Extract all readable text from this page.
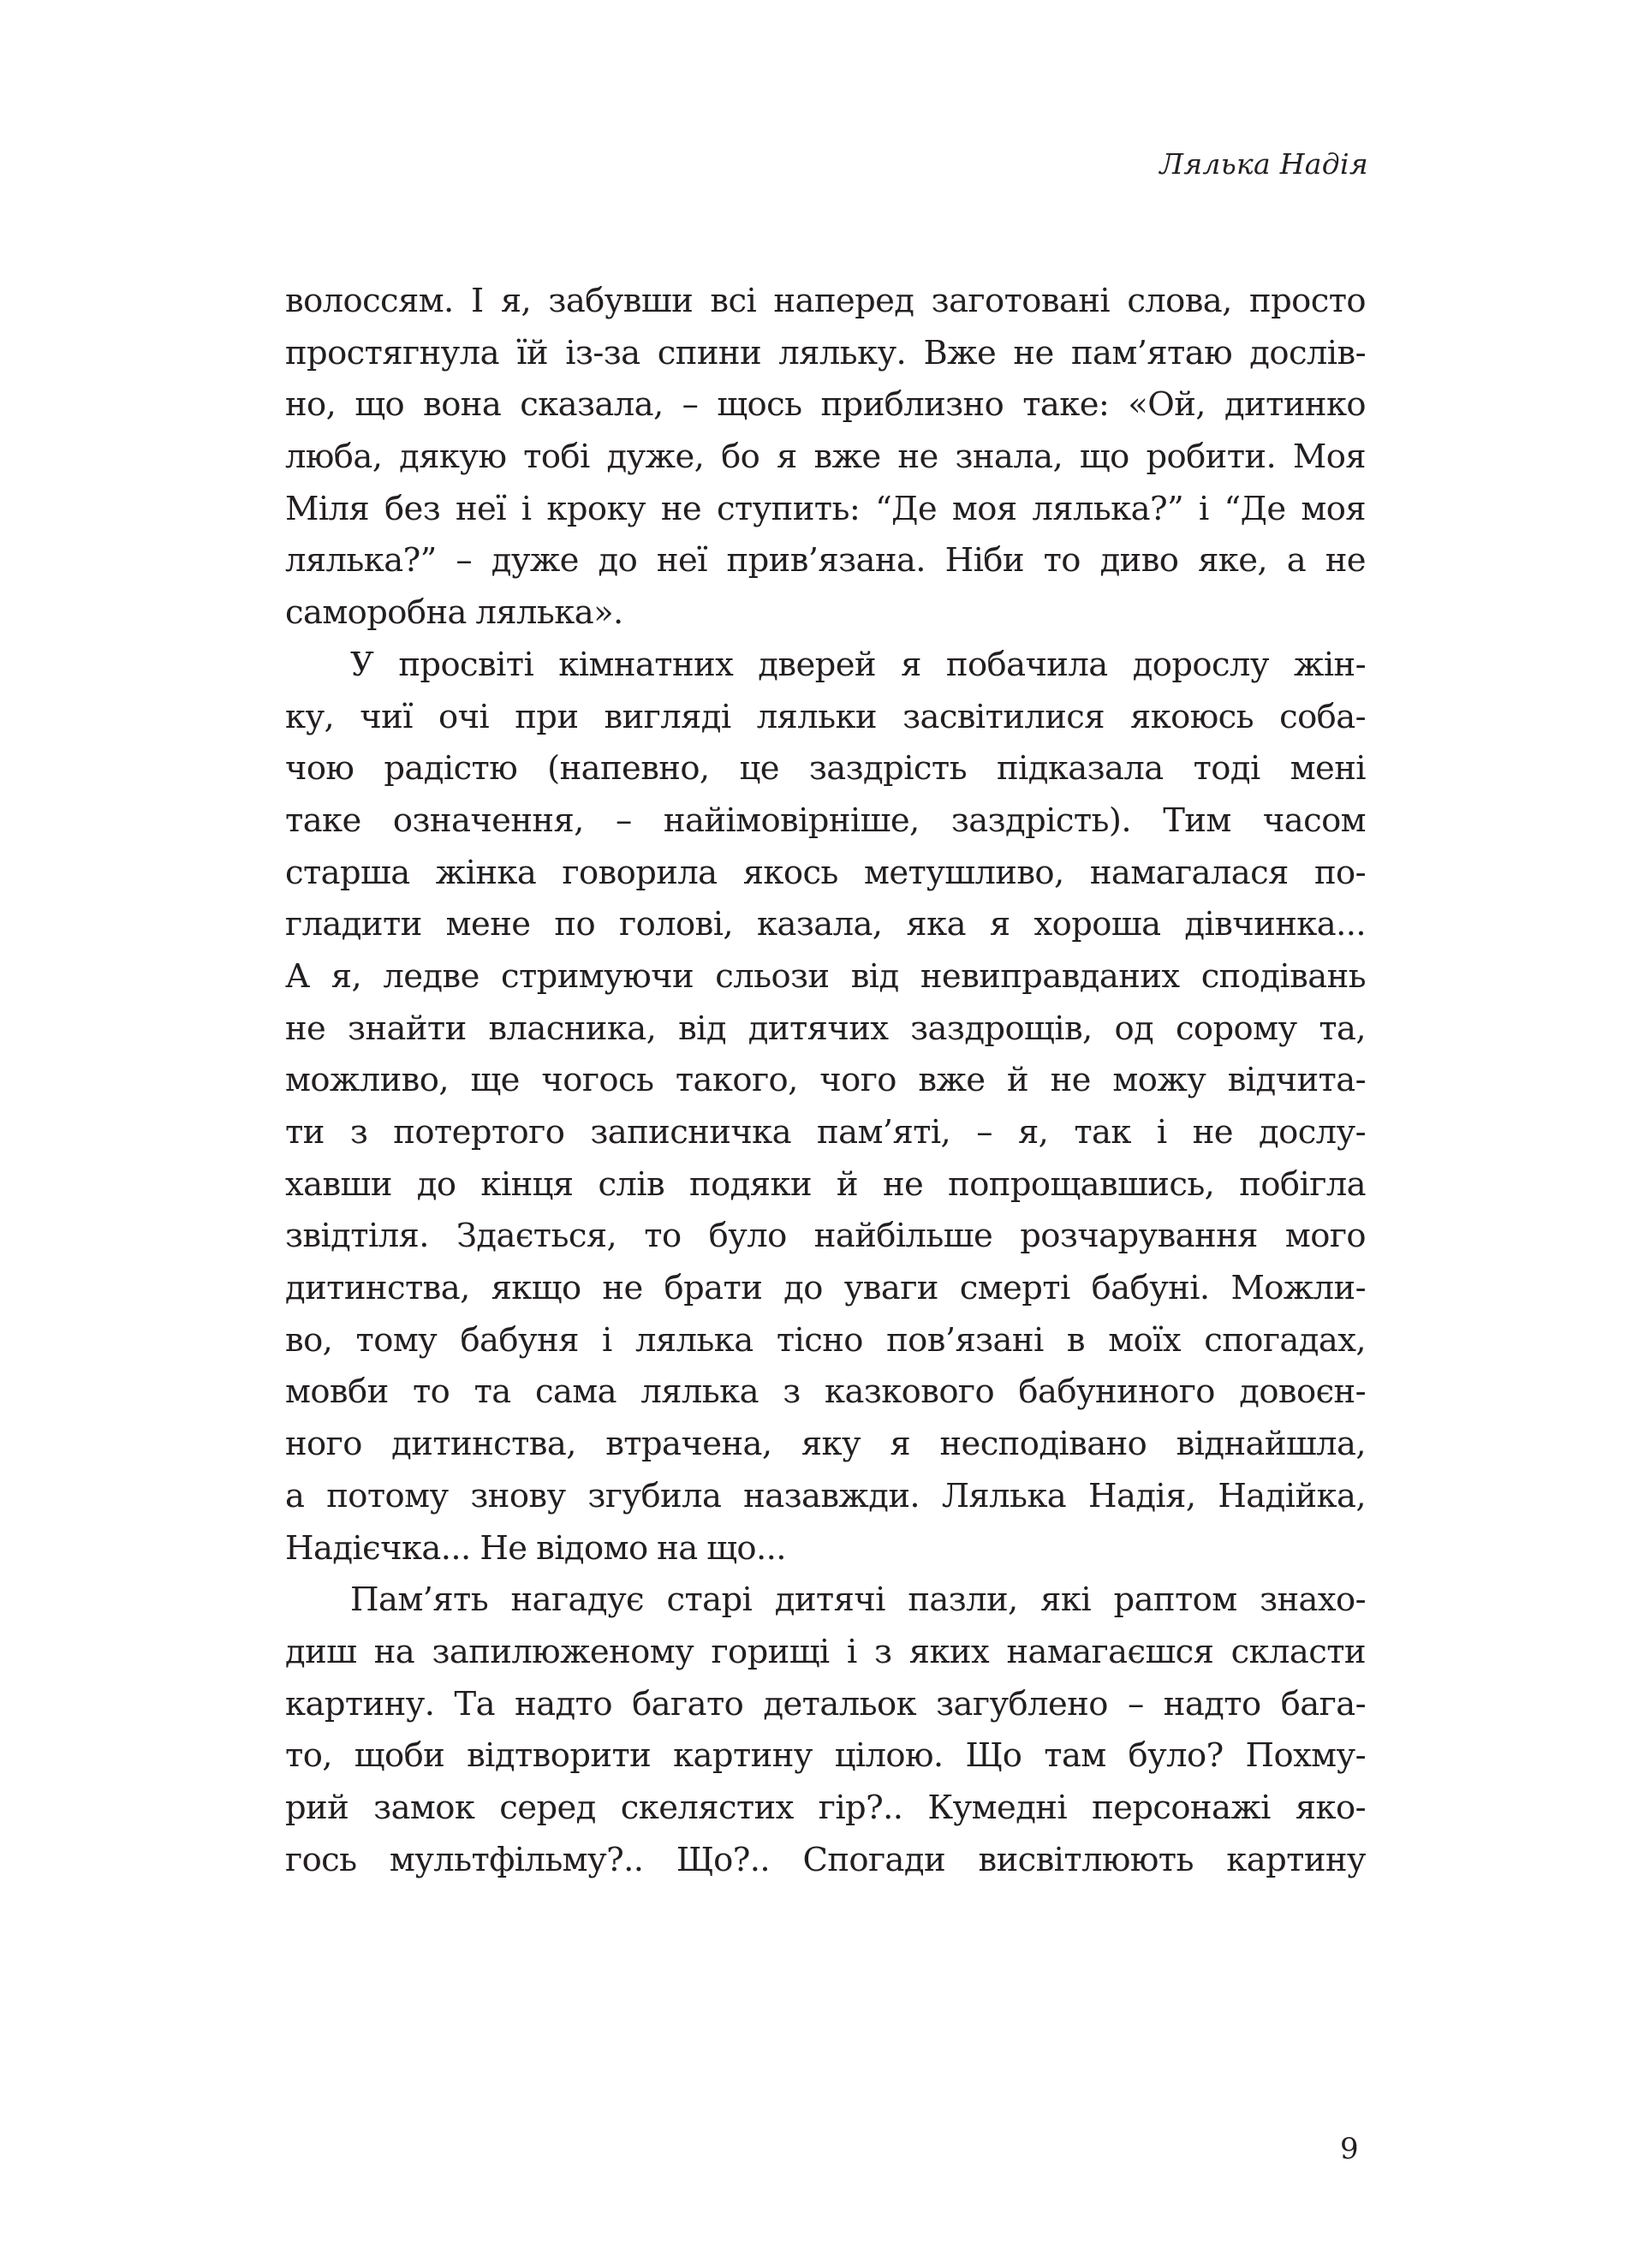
Лялька Надія
волоссям. І я, забувши всі наперед заготовані слова, просто
простягнула їй із-за спини ляльку. Вже не пам’ятаю дослів-
но, що вона сказала, – щось приблизно таке: «Ой, дитинко
люба, дякую тобі дуже, бо я вже не знала, що робити. Моя
Міля без неї і кроку не ступить: “Де моя лялька?” і “Де моя
лялька?” – дуже до неї прив’язана. Ніби то диво яке, а не
саморобна лялька».
У просвіті кімнатних дверей я побачила дорослу жін-
ку, чиї очі при вигляді ляльки засвітилися якоюсь соба-
чою радістю (напевно, це заздрість підказала тоді мені
таке означення, – найімовірніше, заздрість). Тим часом
старша жінка говорила якось метушливо, намагалася по-
гладити мене по голові, казала, яка я хороша дівчинка...
А я, ледве стримуючи сльози від невиправданих сподівань
не знайти власника, від дитячих заздрощів, од сорому та,
можливо, ще чогось такого, чого вже й не можу відчита-
ти з потертого записничка пам’яті, – я, так і не дослу-
хавши до кінця слів подяки й не попрощавшись, побігла
звідтіля. Здається, то було найбільше розчарування мого
дитинства, якщо не брати до уваги смерті бабуні. Можли-
во, тому бабуня і лялька тісно пов’язані в моїх спогадах,
мовби то та сама лялька з казкового бабуниного довоєн-
ного дитинства, втрачена, яку я несподівано віднайшла,
а потому знову згубила назавжди. Лялька Надія, Надійка,
Надієчка... Не відомо на що...
Пам’ять нагадує старі дитячі пазли, які раптом знахо-
диш на запилюженому горищі і з яких намагаєшся скласти
картину. Та надто багато детальок загублено – надто бага-
то, щоби відтворити картину цілою. Що там було? Похму-
рий замок серед скелястих гір?.. Кумедні персонажі яко-
гось мультфільму?.. Що?.. Спогади висвітлюють картину
9
